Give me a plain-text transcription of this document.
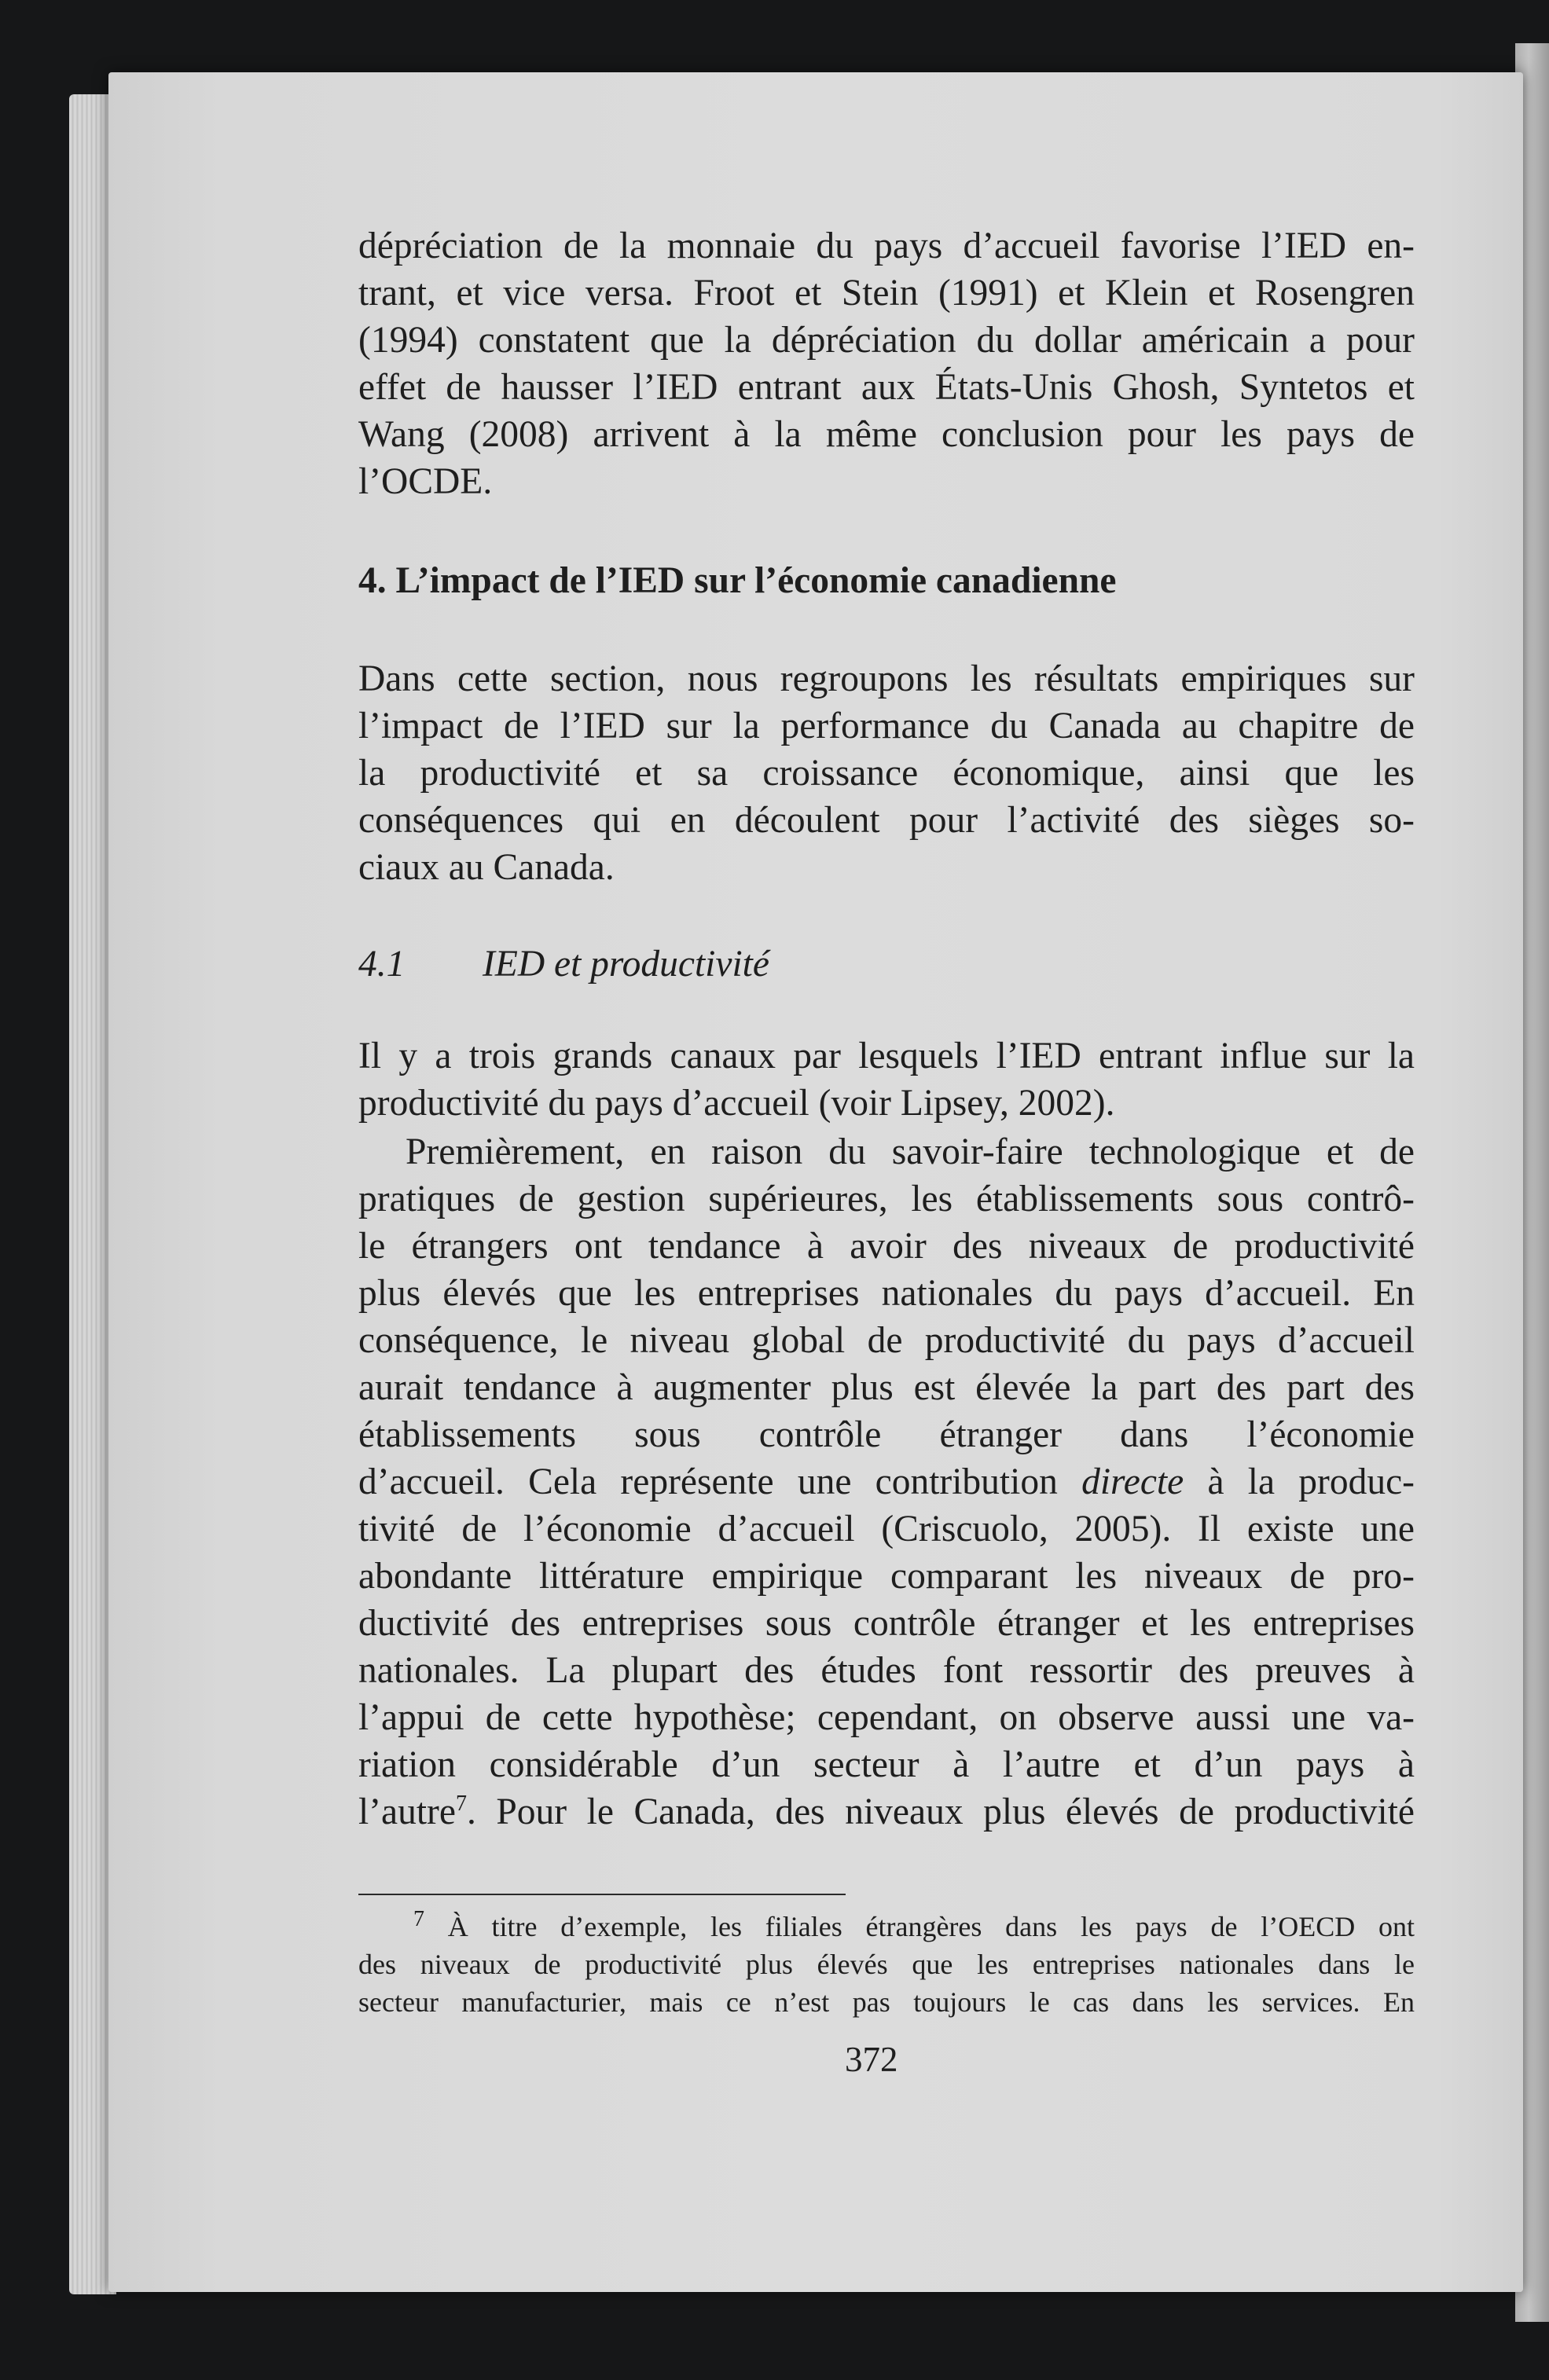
dépréciation de la monnaie du pays d’accueil favorise l’IED en-
trant, et vice versa. Froot et Stein (1991) et Klein et Rosengren
(1994) constatent que la dépréciation du dollar américain a pour
effet de hausser l’IED entrant aux États-Unis Ghosh, Syntetos et
Wang (2008) arrivent à la même conclusion pour les pays de
l’OCDE.
4. L’impact de l’IED sur l’économie canadienne
Dans cette section, nous regroupons les résultats empiriques sur
l’impact de l’IED sur la performance du Canada au chapitre de
la productivité et sa croissance économique, ainsi que les
conséquences qui en découlent pour l’activité des sièges so-
ciaux au Canada.
4.1 IED et productivité
Il y a trois grands canaux par lesquels l’IED entrant influe sur la
productivité du pays d’accueil (voir Lipsey, 2002).
Premièrement, en raison du savoir-faire technologique et de
pratiques de gestion supérieures, les établissements sous contrô-
le étrangers ont tendance à avoir des niveaux de productivité
plus élevés que les entreprises nationales du pays d’accueil. En
conséquence, le niveau global de productivité du pays d’accueil
aurait tendance à augmenter plus est élevée la part des part des
établissements sous contrôle étranger dans l’économie
d’accueil. Cela représente une contribution directe à la produc-
tivité de l’économie d’accueil (Criscuolo, 2005). Il existe une
abondante littérature empirique comparant les niveaux de pro-
ductivité des entreprises sous contrôle étranger et les entreprises
nationales. La plupart des études font ressortir des preuves à
l’appui de cette hypothèse; cependant, on observe aussi une va-
riation considérable d’un secteur à l’autre et d’un pays à
l’autre$^7$. Pour le Canada, des niveaux plus élevés de productivité
$^7$ À titre d’exemple, les filiales étrangères dans les pays de l’OECD ont
des niveaux de productivité plus élevés que les entreprises nationales dans le
secteur manufacturier, mais ce n’est pas toujours le cas dans les services. En
372
